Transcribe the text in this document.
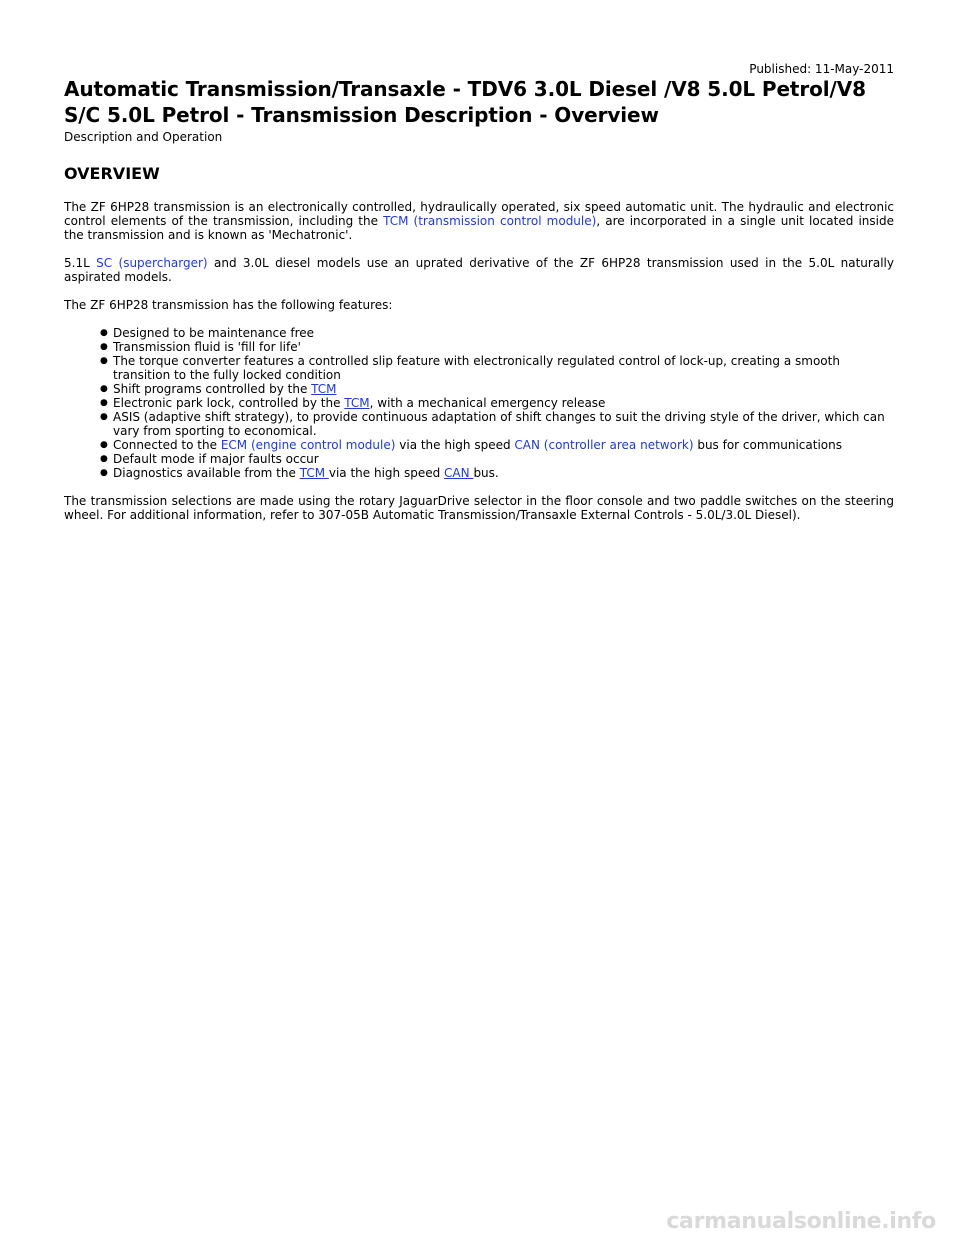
Published: 11-May-2011

Automatic Transmission/Transaxle - TDV6 3.0L Diesel /V8 5.0L Petrol/V8 S/C 5.0L Petrol - Transmission Description - Overview

Description and Operation

OVERVIEW

The ZF 6HP28 transmission is an electronically controlled, hydraulically operated, six speed automatic unit. The hydraulic and electronic control elements of the transmission, including the TCM (transmission control module), are incorporated in a single unit located inside the transmission and is known as 'Mechatronic'.

5.1L SC (supercharger) and 3.0L diesel models use an uprated derivative of the ZF 6HP28 transmission used in the 5.0L naturally aspirated models.

The ZF 6HP28 transmission has the following features:

● Designed to be maintenance free
● Transmission fluid is 'fill for life'
● The torque converter features a controlled slip feature with electronically regulated control of lock-up, creating a smooth transition to the fully locked condition
● Shift programs controlled by the TCM
● Electronic park lock, controlled by the TCM, with a mechanical emergency release
● ASIS (adaptive shift strategy), to provide continuous adaptation of shift changes to suit the driving style of the driver, which can vary from sporting to economical.
● Connected to the ECM (engine control module) via the high speed CAN (controller area network) bus for communications
● Default mode if major faults occur
● Diagnostics available from the TCM via the high speed CAN bus.

The transmission selections are made using the rotary JaguarDrive selector in the floor console and two paddle switches on the steering wheel. For additional information, refer to 307-05B Automatic Transmission/Transaxle External Controls - 5.0L/3.0L Diesel).

carmanualsonline.info
